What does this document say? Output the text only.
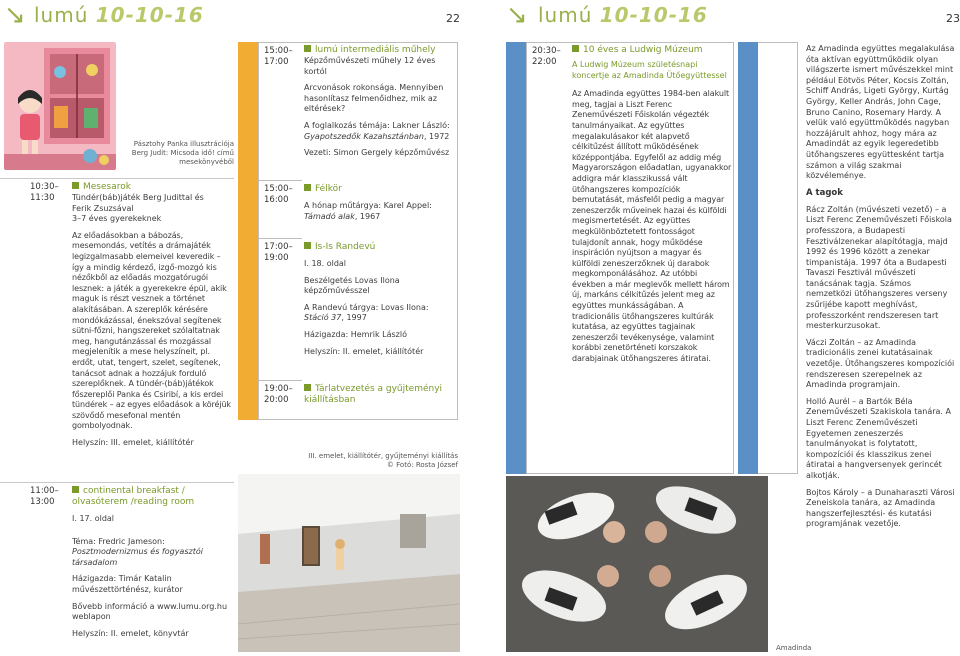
↘ lumú 10-10-16	22 ↘ lumú 10-10-16	23
Pásztohy Panka illusztrációja Berg Judit: Micsoda idő! című mesekönyvéből
10:30–
11:30
11:00–
13:00
Mesesarok
Tündér(báb)játék Berg Judittal és
Ferik Zsuzsával
3–7 éves gyerekeknek

Az előadásokban a bábozás, mesemondás, vetítés a drámajáték legizgalmasabb elemeivel keveredik – így a mindig kérdező, izgő-mozgó kis nézőkből az előadás mozgatórugói lesznek: a játék a gyerekekre épül, akik maguk is részt vesznek a történet alakításában. A szereplők kérésére mondókázással, énekszóval segítenek sütni-főzni, hangszereket szólaltatnak meg, hangutánzással és mozgással megjelenítik a mese helyszíneit, pl. erdőt, utat, tengert, szelet, segítenek, tanácsot adnak a hozzájuk forduló szereplőknek. A tündér-(báb)játékok főszereplői Panka és Csiribí, a kis erdei tündérek – az egyes előadások a köréjük szövődő mesefonal mentén gombolyodnak.

Helyszín: III. emelet, kiállítótér

continental breakfast / olvasóterem /reading room

I. 17. oldal

Téma: Fredric Jameson: Posztmodernizmus és fogyasztói társadalom

Házigazda: Timár Katalin művészettörténész, kurátor

Bővebb információ a www.lumu.org.hu weblapon

Helyszín: II. emelet, könyvtár

15:00–
17:00
15:00–
16:00
17:00–
19:00
19:00–
20:00
lumú intermediális műhely

Képzőművészeti műhely 12 éves kortól

Arcvonások rokonsága. Mennyiben hasonlítasz felmenőidhez, mik az eltérések?

A foglalkozás témája: Lakner László: Gyapotszedők Kazahsztánban, 1972

Vezeti: Simon Gergely képzőművész

Félkör
A hónap műtárgya: Karel Appel:
Támadó alak, 1967
Is-Is Randevú

I. 18. oldal

Beszélgetés Lovas Ilona képzőművésszel

A Randevú tárgya: Lovas Ilona:
Stáció 37, 1997

Házigazda: Hemrik László

Helyszín: II. emelet, kiállítótér

Tárlatvezetés a gyűjteményi kiállításban
III. emelet, kiállítótér, gyűjteményi kiállítás
© Fotó: Rosta József
20:30–
22:00
10 éves a Ludwig Múzeum
A Ludwig Múzeum születésnapi koncertje az Amadinda Ütőegyüttessel

Az Amadinda együttes 1984-ben alakult meg, tagjai a Liszt Ferenc Zeneművészeti Főiskolán végezték tanulmányaikat. Az együttes megalakulásakor két alapvető célkitűzést állított működésének középpontjába. Egyfelől az addig még Magyarországon előadatlan, ugyanakkor addigra már klasszikussá vált ütőhangszeres kompozíciók bemutatását, másfelől pedig a magyar zeneszerzők műveinek hazai és külföldi megismertetését. Az együttes megkülönböztetett fontosságot tulajdonít annak, hogy működése inspiráción nyújtson a magyar és külföldi zeneszerzőknek új darabok megkomponálásához. Az utóbbi években a már meglevők mellett három új, markáns célkitűzés jelent meg az együttes munkásságában. A tradicionális ütőhangszeres kultúrák kutatása, az együttes tagjainak zeneszerzői tevékenysége, valamint korábbi zenetörténeti korszakok darabjainak ütőhangszeres átiratai.

Az Amadinda együttes megalakulása óta aktívan együttműködik olyan világszerte ismert művészekkel mint például Eötvös Péter, Kocsis Zoltán, Schiff András, Ligeti György, Kurtág György, Keller András, John Cage, Bruno Canino, Rosemary Hardy. A velük való együttműködés nagyban hozzájárult ahhoz, hogy mára az Amadindát az egyik legeredetibb ütőhangszeres együttesként tartja számon a világ szakmai közvéleménye.

A tagok

Rácz Zoltán (művészeti vezető) – a Liszt Ferenc Zeneművészeti Főiskola professzora, a Budapesti Fesztiválzenekar alapítótagja, majd 1992 és 1996 között a zenekar timpanistája. 1997 óta a Budapesti Tavaszi Fesztivál művészeti tanácsának tagja. Számos nemzetközi ütőhangszeres verseny zsűrijébe kapott meghívást, professzorként rendszeresen tart mesterkurzusokat.

Váczi Zoltán – az Amadinda tradicionális zenei kutatásainak vezetője. Ütőhangszeres kompozíciói rendszeresen szerepelnek az Amadinda programjain.

Holló Aurél – a Bartók Béla Zeneművészeti Szakiskola tanára. A Liszt Ferenc Zeneművészeti Egyetemen zeneszerzés tanulmányokat is folytatott, kompozíciói és klasszikus zenei átiratai a hangversenyek gerincét alkotják.

Bojtos Károly – a Dunaharaszti Városi Zeneiskola tanára, az Amadinda hangszerfejlesztési- és kutatási programjának vezetője.

Amadinda
